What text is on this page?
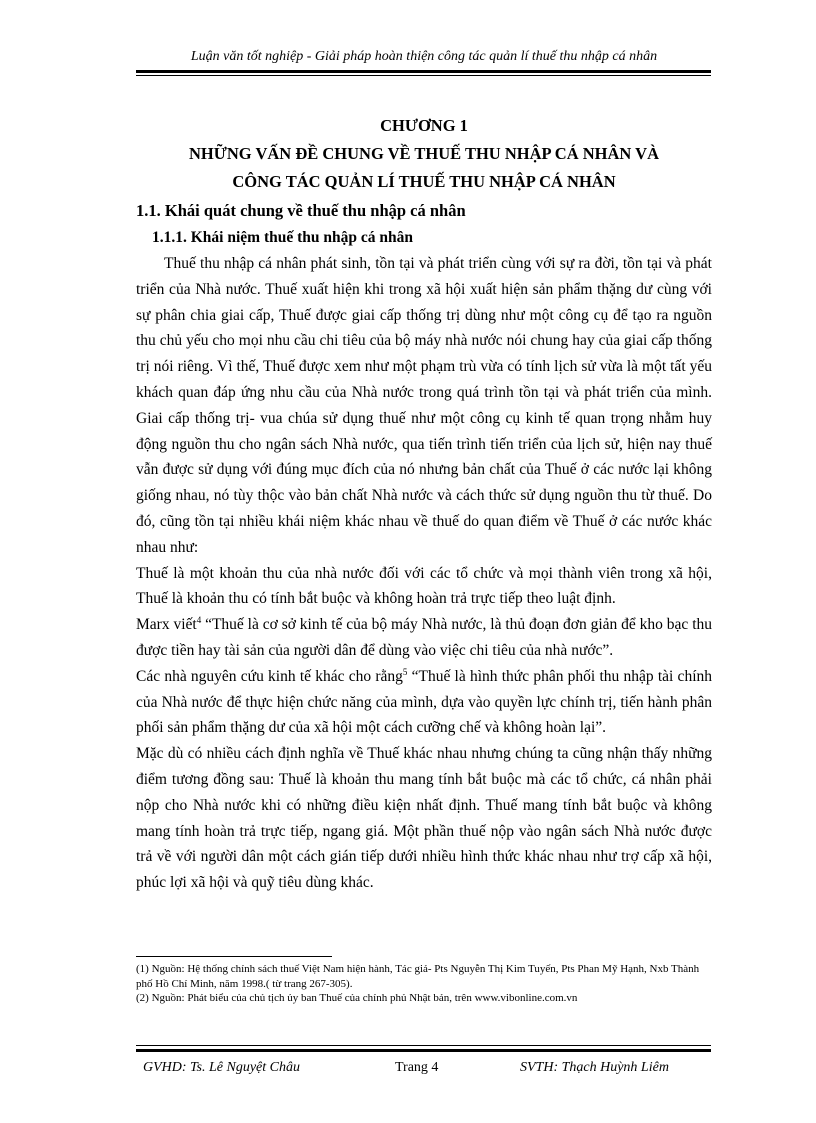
Luận văn tốt nghiệp - Giải pháp hoàn thiện công tác quản lí thuế thu nhập cá nhân
CHƯƠNG 1
NHỮNG VẤN ĐỀ CHUNG VỀ THUẾ THU NHẬP CÁ NHÂN VÀ
CÔNG TÁC QUẢN LÍ THUẾ THU NHẬP CÁ NHÂN
1.1. Khái quát chung về thuế thu nhập cá nhân
1.1.1. Khái niệm thuế thu nhập cá nhân

Thuế thu nhập cá nhân phát sinh, tồn tại và phát triển cùng với sự ra đời, tồn tại và phát triển của Nhà nước. Thuế xuất hiện khi trong xã hội xuất hiện sản phẩm thặng dư cùng với sự phân chia giai cấp, Thuế được giai cấp thống trị dùng như một công cụ để tạo ra nguồn thu chủ yếu cho mọi nhu cầu chi tiêu của bộ máy nhà nước nói chung hay của giai cấp thống trị nói riêng. Vì thế, Thuế được xem như một phạm trù vừa có tính lịch sử vừa là một tất yếu khách quan đáp ứng nhu cầu của Nhà nước trong quá trình tồn tại và phát triển của mình. Giai cấp thống trị- vua chúa sử dụng thuế như một công cụ kinh tế quan trọng nhằm huy động nguồn thu cho ngân sách Nhà nước, qua tiến trình tiến triển của lịch sử, hiện nay thuế vẫn được sử dụng với đúng mục đích của nó nhưng bản chất của Thuế ở các nước lại không giống nhau, nó tùy thộc vào bản chất Nhà nước và cách thức sử dụng nguồn thu từ thuế. Do đó, cũng tồn tại nhiều khái niệm khác nhau về thuế do quan điểm về Thuế ở các nước khác nhau như:

Thuế là một khoản thu của nhà nước đối với các tổ chức và mọi thành viên trong xã hội, Thuế là khoản thu có tính bắt buộc và không hoàn trả trực tiếp theo luật định.

Marx viết$^4$ “Thuế là cơ sở kinh tế của bộ máy Nhà nước, là thủ đoạn đơn giản để kho bạc thu được tiền hay tài sản của người dân để dùng vào việc chi tiêu của nhà nước”.

Các nhà nguyên cứu kinh tế khác cho rằng$^5$ “Thuế là hình thức phân phối thu nhập tài chính của Nhà nước để thực hiện chức năng của mình, dựa vào quyền lực chính trị, tiến hành phân phối sản phẩm thặng dư của xã hội một cách cưỡng chế và không hoàn lại”.

Mặc dù có nhiều cách định nghĩa về Thuế khác nhau nhưng chúng ta cũng nhận thấy những điểm tương đồng sau: Thuế là khoản thu mang tính bắt buộc mà các tổ chức, cá nhân phải nộp cho Nhà nước khi có những điều kiện nhất định. Thuế mang tính bắt buộc và không mang tính hoàn trả trực tiếp, ngang giá. Một phần thuế nộp vào ngân sách Nhà nước được trả về với người dân một cách gián tiếp dưới nhiều hình thức khác nhau như trợ cấp xã hội, phúc lợi xã hội và quỹ tiêu dùng khác.

(1) Nguồn: Hệ thống chính sách thuế Việt Nam hiện hành, Tác giả- Pts Nguyễn Thị Kim Tuyến, Pts Phan Mỹ Hạnh, Nxb Thành phố Hồ Chí Minh, năm 1998.( từ trang 267-305).

(2) Nguồn: Phát biểu của chủ tịch ủy ban Thuế của chính phủ Nhật bản, trên www.vibonline.com.vn

GVHD: Ts. Lê Nguyệt Châu	Trang 4	SVTH: Thạch Huỳnh Liêm
